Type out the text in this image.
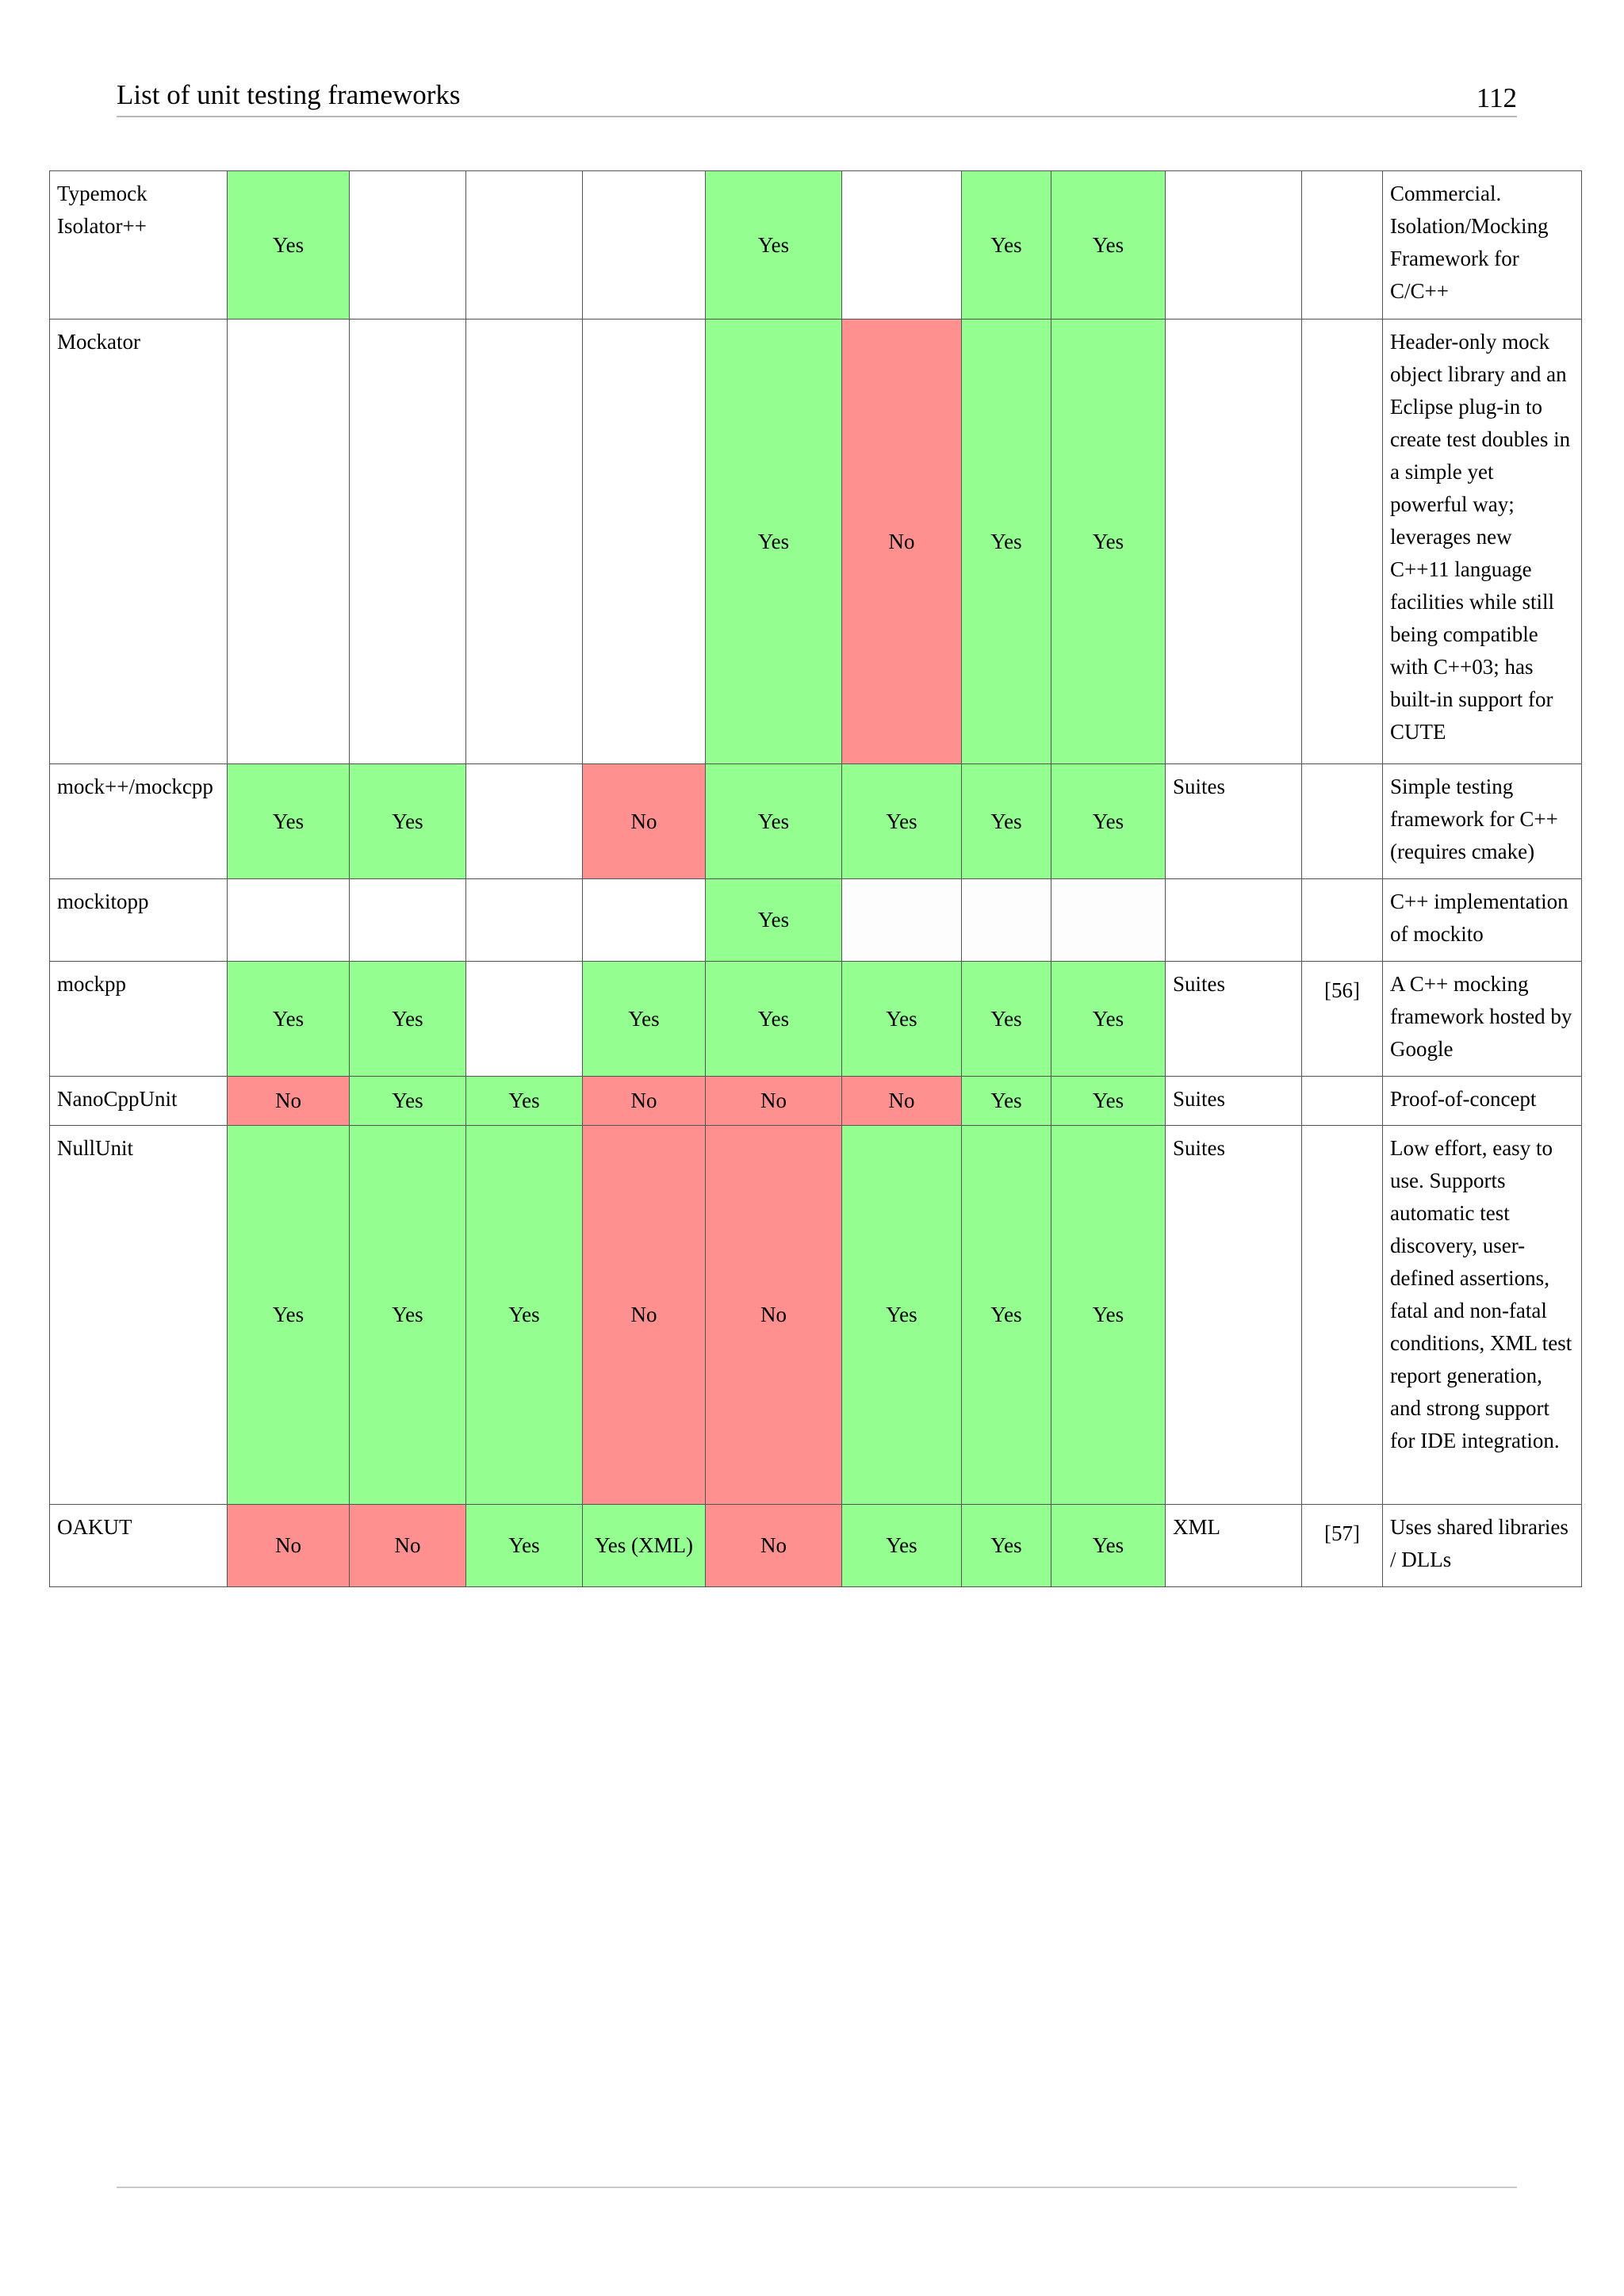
List of unit testing frameworks	112
Typemock Isolator++	Yes				Yes		Yes	Yes			Commercial. Isolation/Mocking Framework for C/C++
Mockator					Yes	No	Yes	Yes			Header-only mock object library and an Eclipse plug-in to create test doubles in a simple yet powerful way; leverages new C++11 language facilities while still being compatible with C++03; has built-in support for CUTE
mock++/mockcpp	Yes	Yes		No	Yes	Yes	Yes	Yes	Suites		Simple testing framework for C++ (requires cmake)
mockitopp					Yes						C++ implementation of mockito
mockpp	Yes	Yes		Yes	Yes	Yes	Yes	Yes	Suites	[56]	A C++ mocking framework hosted by Google
NanoCppUnit	No	Yes	Yes	No	No	No	Yes	Yes	Suites		Proof-of-concept
NullUnit	Yes	Yes	Yes	No	No	Yes	Yes	Yes	Suites		Low effort, easy to use. Supports automatic test discovery, user-defined assertions, fatal and non-fatal conditions, XML test report generation, and strong support for IDE integration.
OAKUT	No	No	Yes	Yes (XML)	No	Yes	Yes	Yes	XML	[57]	Uses shared libraries / DLLs
